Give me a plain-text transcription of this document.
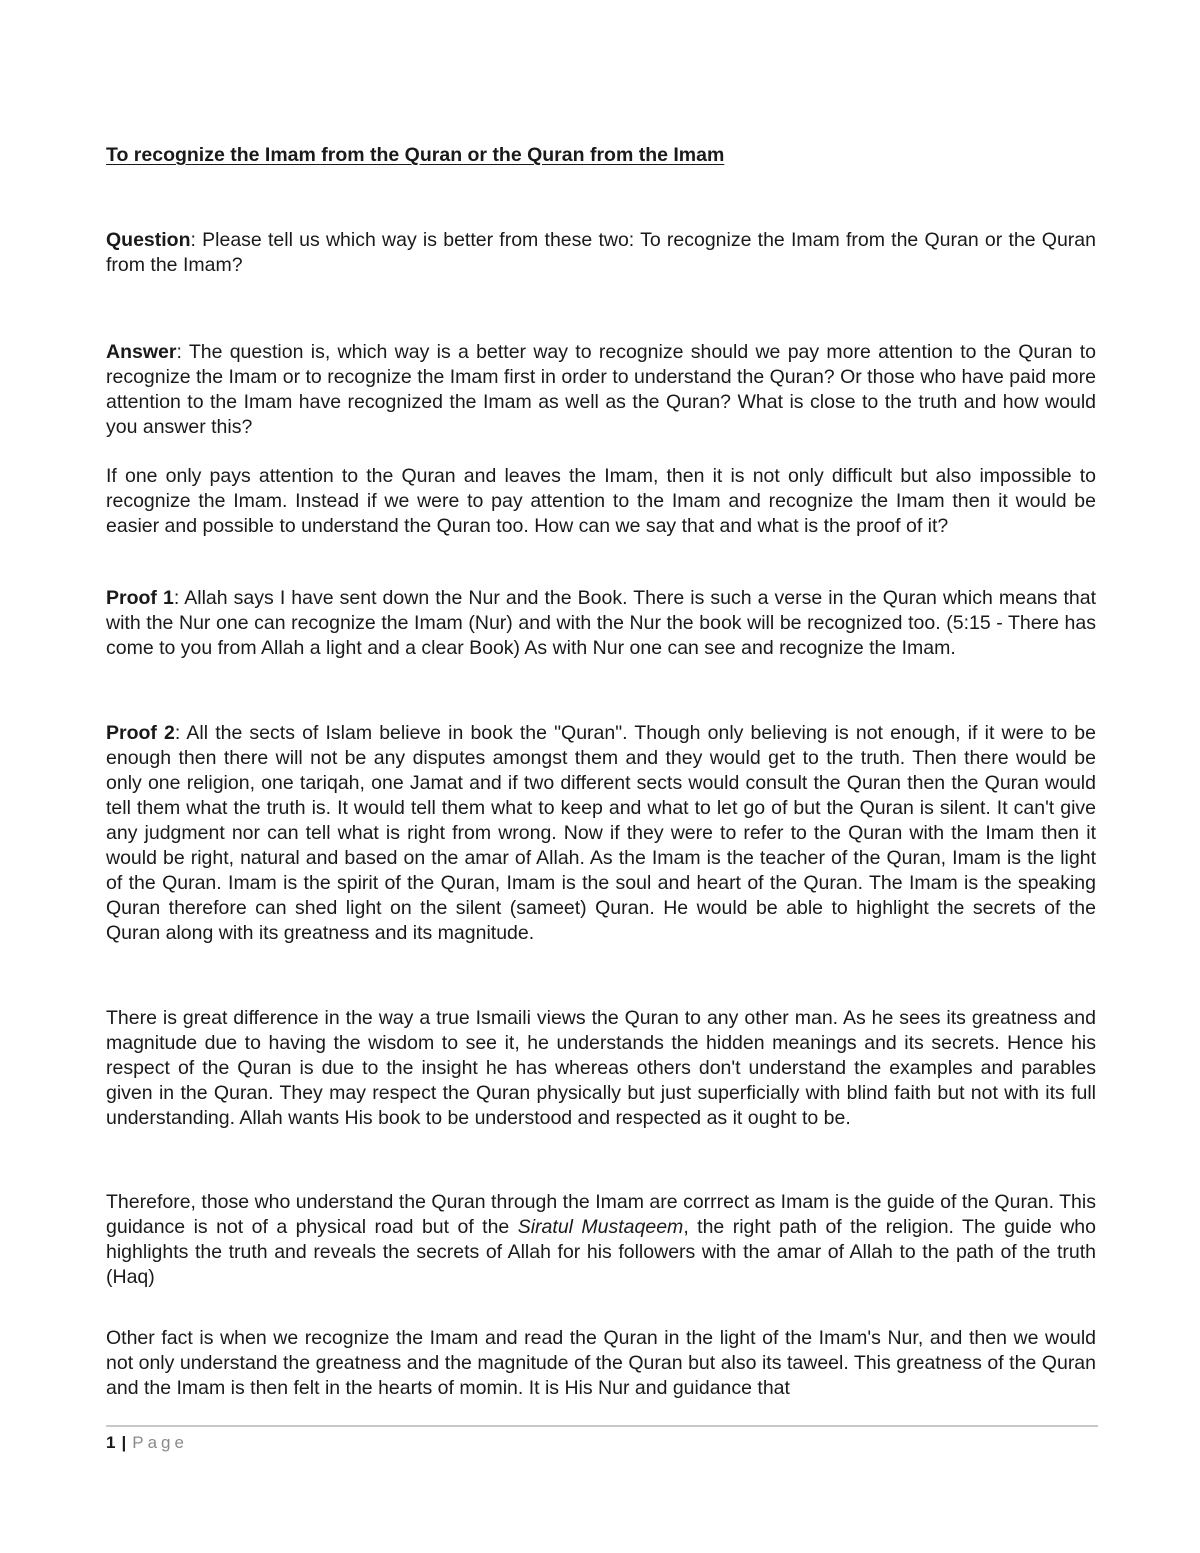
To recognize the Imam from the Quran or the Quran from the Imam

Question: Please tell us which way is better from these two: To recognize the Imam from the Quran or the Quran from the Imam?

Answer: The question is, which way is a better way to recognize should we pay more attention to the Quran to recognize the Imam or to recognize the Imam first in order to understand the Quran? Or those who have paid more attention to the Imam have recognized the Imam as well as the Quran? What is close to the truth and how would you answer this?

If one only pays attention to the Quran and leaves the Imam, then it is not only difficult but also impossible to recognize the Imam. Instead if we were to pay attention to the Imam and recognize the Imam then it would be easier and possible to understand the Quran too. How can we say that and what is the proof of it?

Proof 1: Allah says I have sent down the Nur and the Book. There is such a verse in the Quran which means that with the Nur one can recognize the Imam (Nur) and with the Nur the book will be recognized too. (5:15 - There has come to you from Allah a light and a clear Book) As with Nur one can see and recognize the Imam.

Proof 2: All the sects of Islam believe in book the "Quran". Though only believing is not enough, if it were to be enough then there will not be any disputes amongst them and they would get to the truth. Then there would be only one religion, one tariqah, one Jamat and if two different sects would consult the Quran then the Quran would tell them what the truth is. It would tell them what to keep and what to let go of but the Quran is silent. It can't give any judgment nor can tell what is right from wrong. Now if they were to refer to the Quran with the Imam then it would be right, natural and based on the amar of Allah. As the Imam is the teacher of the Quran, Imam is the light of the Quran. Imam is the spirit of the Quran, Imam is the soul and heart of the Quran. The Imam is the speaking Quran therefore can shed light on the silent (sameet) Quran. He would be able to highlight the secrets of the Quran along with its greatness and its magnitude.

There is great difference in the way a true Ismaili views the Quran to any other man. As he sees its greatness and magnitude due to having the wisdom to see it, he understands the hidden meanings and its secrets. Hence his respect of the Quran is due to the insight he has whereas others don't understand the examples and parables given in the Quran. They may respect the Quran physically but just superficially with blind faith but not with its full understanding. Allah wants His book to be understood and respected as it ought to be.

Therefore, those who understand the Quran through the Imam are corrrect as Imam is the guide of the Quran. This guidance is not of a physical road but of the Siratul Mustaqeem, the right path of the religion. The guide who highlights the truth and reveals the secrets of Allah for his followers with the amar of Allah to the path of the truth (Haq)

Other fact is when we recognize the Imam and read the Quran in the light of the Imam's Nur, and then we would not only understand the greatness and the magnitude of the Quran but also its taweel. This greatness of the Quran and the Imam is then felt in the hearts of momin. It is His Nur and guidance that

1 | Page
